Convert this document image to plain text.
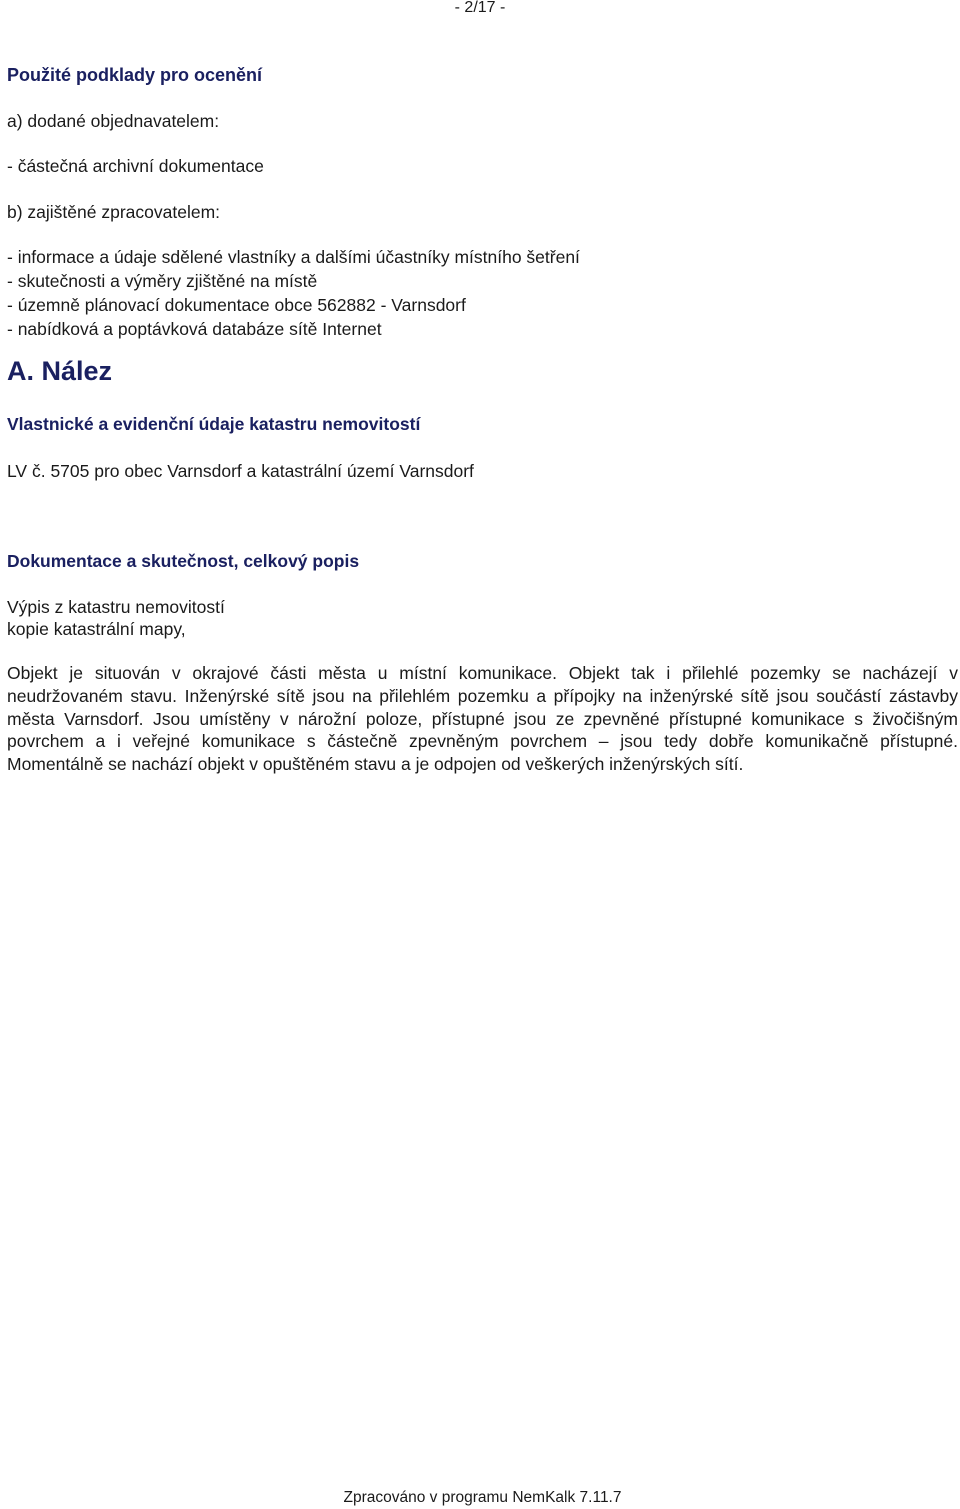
- 2/17 -
Použité podklady pro ocenění
a) dodané objednavatelem:
- částečná archivní dokumentace
b) zajištěné zpracovatelem:
- informace a údaje sdělené vlastníky a dalšími účastníky místního šetření
- skutečnosti a výměry zjištěné na místě
- územně plánovací dokumentace obce 562882 - Varnsdorf
- nabídková a poptávková databáze sítě Internet
A. Nález
Vlastnické a evidenční údaje katastru nemovitostí
LV č. 5705 pro obec Varnsdorf a katastrální území Varnsdorf
Dokumentace a skutečnost, celkový popis
Výpis z katastru nemovitostí
kopie katastrální mapy,
Objekt je situován v okrajové části města u místní komunikace. Objekt tak i přilehlé pozemky se nacházejí v neudržovaném stavu. Inženýrské sítě jsou na přilehlém pozemku a přípojky na inženýrské sítě jsou součástí zástavby města Varnsdorf. Jsou umístěny v nárožní poloze, přístupné jsou ze zpevněné přístupné komunikace s živočišným povrchem a i veřejné komunikace s částečně zpevněným povrchem – jsou tedy dobře komunikačně přístupné. Momentálně se nachází objekt v opuštěném stavu a je odpojen od veškerých inženýrských sítí.
Zpracováno v programu NemKalk 7.11.7
